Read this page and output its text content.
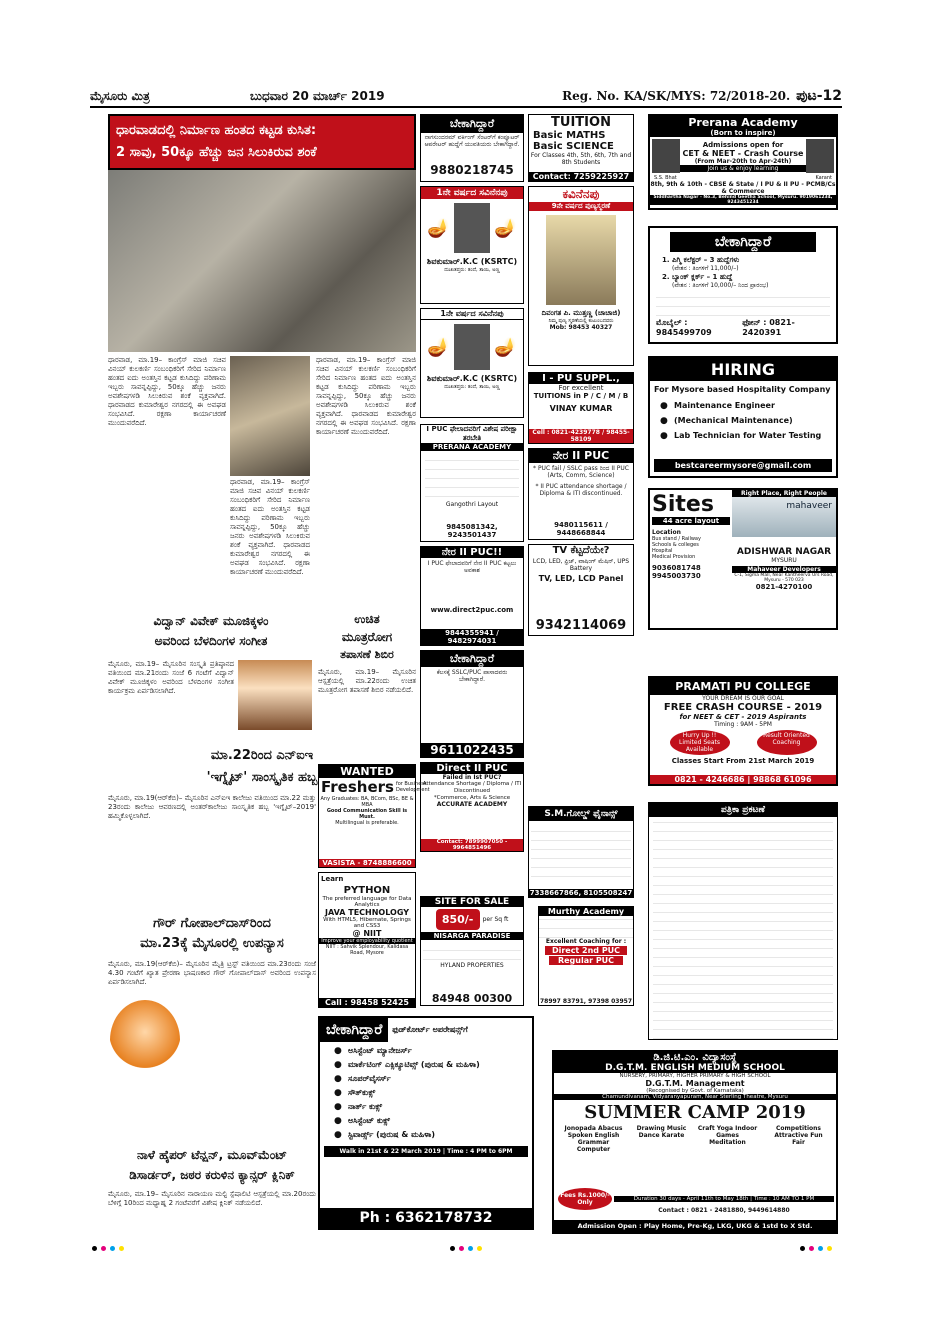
ಮೈಸೂರು ಮಿತ್ರ	ಬುಧವಾರ 20 ಮಾರ್ಚ್ 2019	Reg. No. KA/SK/MYS: 72/2018-20. ಪುಟ-12
ಧಾರವಾಡದಲ್ಲಿ ನಿರ್ಮಾಣ ಹಂತದ ಕಟ್ಟಡ ಕುಸಿತ:
2 ಸಾವು, 50ಕ್ಕೂ ಹೆಚ್ಚು ಜನ ಸಿಲುಕಿರುವ ಶಂಕೆ
ಧಾರವಾಡ, ಮಾ.19– ಕಾಂಗ್ರೆಸ್ ಮಾಜಿ ಸಚಿವ ವಿನಯ್ ಕುಲಕರ್ಣಿ ಸಂಬಂಧಿಕರಿಗೆ ಸೇರಿದ ನಿರ್ಮಾಣ ಹಂತದ ಐದು ಅಂತಸ್ತಿನ ಕಟ್ಟಡ ಕುಸಿದಿದ್ದು ಪರಿಣಾಮ ಇಬ್ಬರು ಸಾವನ್ನಪ್ಪಿದ್ದು, 50ಕ್ಕೂ ಹೆಚ್ಚು ಜನರು ಅವಶೇಷಗಳಡಿ ಸಿಲುಕಿರುವ ಶಂಕೆ ವ್ಯಕ್ತವಾಗಿದೆ. ಧಾರವಾಡದ ಕುಮಾರೇಶ್ವರ ನಗರದಲ್ಲಿ ಈ ಅವಘಡ ಸಂಭವಿಸಿದೆ. ರಕ್ಷಣಾ ಕಾರ್ಯಾಚರಣೆ ಮುಂದುವರೆದಿದೆ.
ಧಾರವಾಡ, ಮಾ.19– ಕಾಂಗ್ರೆಸ್ ಮಾಜಿ ಸಚಿವ ವಿನಯ್ ಕುಲಕರ್ಣಿ ಸಂಬಂಧಿಕರಿಗೆ ಸೇರಿದ ನಿರ್ಮಾಣ ಹಂತದ ಐದು ಅಂತಸ್ತಿನ ಕಟ್ಟಡ ಕುಸಿದಿದ್ದು ಪರಿಣಾಮ ಇಬ್ಬರು ಸಾವನ್ನಪ್ಪಿದ್ದು, 50ಕ್ಕೂ ಹೆಚ್ಚು ಜನರು ಅವಶೇಷಗಳಡಿ ಸಿಲುಕಿರುವ ಶಂಕೆ ವ್ಯಕ್ತವಾಗಿದೆ. ಧಾರವಾಡದ ಕುಮಾರೇಶ್ವರ ನಗರದಲ್ಲಿ ಈ ಅವಘಡ ಸಂಭವಿಸಿದೆ. ರಕ್ಷಣಾ ಕಾರ್ಯಾಚರಣೆ ಮುಂದುವರೆದಿದೆ.
ಧಾರವಾಡ, ಮಾ.19– ಕಾಂಗ್ರೆಸ್ ಮಾಜಿ ಸಚಿವ ವಿನಯ್ ಕುಲಕರ್ಣಿ ಸಂಬಂಧಿಕರಿಗೆ ಸೇರಿದ ನಿರ್ಮಾಣ ಹಂತದ ಐದು ಅಂತಸ್ತಿನ ಕಟ್ಟಡ ಕುಸಿದಿದ್ದು ಪರಿಣಾಮ ಇಬ್ಬರು ಸಾವನ್ನಪ್ಪಿದ್ದು, 50ಕ್ಕೂ ಹೆಚ್ಚು ಜನರು ಅವಶೇಷಗಳಡಿ ಸಿಲುಕಿರುವ ಶಂಕೆ ವ್ಯಕ್ತವಾಗಿದೆ. ಧಾರವಾಡದ ಕುಮಾರೇಶ್ವರ ನಗರದಲ್ಲಿ ಈ ಅವಘಡ ಸಂಭವಿಸಿದೆ. ರಕ್ಷಣಾ ಕಾರ್ಯಾಚರಣೆ ಮುಂದುವರೆದಿದೆ.
ಬೇಕಾಗಿದ್ದಾರೆ
ನಾಗಸುಂದರಮ್ ವರ್ಕಿಂಗ್ ಸೆಂಟರ್‌ಗೆ ಕಂಪ್ಯೂಟರ್ ಆಪರೇಟರ್ ಹುದ್ದೆಗೆ ಯುವತಿಯರು ಬೇಕಾಗಿದ್ದಾರೆ.
9880218745
TUITION
Basic MATHS
Basic SCIENCE
For Classes 4th, 5th, 6th, 7th and 8th Students
Contact: 7259225927
Prerana Academy
(Born to inspire)
Admissions open for
CET & NEET - Crash Course
(From Mar-20th to Apr-24th)
Join us & enjoy learning
S.S. Bhat	Karant
8th, 9th & 10th - CBSE & State / I PU & II PU - PCMB/Cs & Commerce
Siddhartha Nagar - No.3, Behind Geetha School, Mysuru. 9019061234, 9243451234
1ನೇ ವರ್ಷದ ಸವಿನೆನಪು
🪔 🪔
ಶಿವಕುಮಾರ್.K.C (KSRTC)
ದುಃಖತಪ್ತರು: ತಂದೆ, ತಾಯಿ, ಅಣ್ಣ
ಕವಿನೆನಪು
9ನೇ ವರ್ಷದ ಪುಣ್ಯಸ್ಮರಣೆ
ದಿವಂಗತ ಪಿ. ಮುತ್ತಣ್ಣ (ಚಾಚಾಜಿ)
ನಿಮ್ಮ ಪುಣ್ಯ ಸ್ಮರಣೆಯಲ್ಲಿ ಕುಟುಂಬದವರು
Mob: 98453 40327
ಬೇಕಾಗಿದ್ದಾರೆ
1. ಪಿಗ್ಮಿ ಕಲೆಕ್ಟರ್ – 3 ಹುದ್ದೆಗಳು
(ವೇತನ : ತಿಂಗಳಿಗೆ 11,000/–)
2. ಬ್ಯಾಂಕ್ ಕ್ಲರ್ಕ್ – 1 ಹುದ್ದೆ
(ವೇತನ : ತಿಂಗಳಿಗೆ 10,000/– ನಿಂದ ಪ್ರಾರಂಭ)
ಮೊಬೈಲ್ : 9845499709
ಫೋನ್ : 0821-2420391
1ನೇ ವರ್ಷದ ಸವಿನೆನಪು
🪔 🪔
ಶಿವಕುಮಾರ್.K.C (KSRTC)
ದುಃಖತಪ್ತರು: ತಂದೆ, ತಾಯಿ, ಅಣ್ಣ
HIRING
For Mysore based Hospitality Company
● Maintenance Engineer
● (Mechanical Maintenance)
● Lab Technician for Water Testing
bestcareermysore@gmail.com
I - PU SUPPL.,
For excellent
TUITIONS in P / C / M / B
VINAY KUMAR
Cell : 0821-4239778 / 98455-58109
I PUC ಫೇಲಾದವರಿಗೆ ವಿಶೇಷ ಪರೀಕ್ಷಾ ತರಬೇತಿ
PRERANA ACADEMY
Gangothri Layout
9845081342, 9243501437
ನೇರ II PUC
* PUC fail / SSLC pass ರಿಂದ II PUC (Arts, Comm, Science)
* II PUC attendance shortage / Diploma & ITI discontinued.
9480115611 / 9448668844
Sites
44 acre layout
Location
Bus stand / Railway
Schools & colleges
Hospital
Medical Provision
9036081748
9945003730
Right Place, Right People
mahaveer
ADISHWAR NAGAR
MYSURU
Mahaveer Developers
C-1, Sigma Mall, Near Kantheerva Urs Road, Mysuru - 570 023
0821-4270100
ನೇರ II PUC!!
I PUC ಫೇಲಾದವರಿಗೆ ನೇರ II PUC ಕಟ್ಟಲು ಅವಕಾಶ
www.direct2puc.com
9844355941 / 9482974031
TV ಕೆಟ್ಟದೆಯೇ?
LCD, LED, ಫ್ರಿಜ್, ವಾಷಿಂಗ್ ಮೆಷಿನ್, UPS Battery
TV, LED, LCD Panel
9342114069
ವಿದ್ವಾನ್ ವಿವೇಕ್ ಮೂಜಿಕ್ಕಳಂ
ಅವರಿಂದ ಬೆಳದಿಂಗಳ ಸಂಗೀತ
ಮೈಸೂರು, ಮಾ.19– ಮೈಸೂರಿನ ಸಂಸ್ಕೃತಿ ಪ್ರತಿಷ್ಠಾನದ ವತಿಯಿಂದ ಮಾ.21ರಂದು ಸಂಜೆ 6 ಗಂಟೆಗೆ ವಿದ್ವಾನ್ ವಿವೇಕ್ ಮೂಜಿಕ್ಕಳಂ ಅವರಿಂದ ಬೆಳದಿಂಗಳ ಸಂಗೀತ ಕಾರ್ಯಕ್ರಮ ಏರ್ಪಡಿಸಲಾಗಿದೆ.
ಉಚಿತ
ಮೂತ್ರರೋಗ
ತಪಾಸಣೆ ಶಿಬಿರ
ಮೈಸೂರು, ಮಾ.19– ಮೈಸೂರಿನ ಆಸ್ಪತ್ರೆಯಲ್ಲಿ ಮಾ.22ರಂದು ಉಚಿತ ಮೂತ್ರರೋಗ ತಪಾಸಣೆ ಶಿಬಿರ ನಡೆಯಲಿದೆ.
ಬೇಕಾಗಿದ್ದಾರೆ
ಕೆಲಸಕ್ಕೆ SSLC/PUC ಪಾಸಾದವರು ಬೇಕಾಗಿದ್ದಾರೆ.
9611022435
PRAMATI PU COLLEGE
YOUR DREAM IS OUR GOAL
FREE CRASH COURSE - 2019
for NEET & CET - 2019 Aspirants
Timing : 9AM - 5PM
Hurry Up !! Limited Seats Available
Result Oriented Coaching
Classes Start From 21st March 2019
0821 - 4246686 | 98868 61096
ಮಾ.22ರಿಂದ ಎನ್‌ಐಇ
'ಇಗ್ನೈಟ್' ಸಾಂಸ್ಕೃತಿಕ ಹಬ್ಬ
ಮೈಸೂರು, ಮಾ.19(ಆರ್‌ಕೆಬಿ)– ಮೈಸೂರಿನ ಎನ್‌ಐಇ ಕಾಲೇಜು ವತಿಯಿಂದ ಮಾ.22 ಮತ್ತು 23ರಂದು ಕಾಲೇಜು ಆವರಣದಲ್ಲಿ ಅಂತರ್‌ಕಾಲೇಜು ಸಾಂಸ್ಕೃತಿಕ ಹಬ್ಬ 'ಇಗ್ನೈಟ್–2019' ಹಮ್ಮಿಕೊಳ್ಳಲಾಗಿದೆ.
Direct II PUC
Failed in Ist PUC?
Attendance Shortage / Diploma / ITI Discontinued
*Commerce, Arts & Science
ACCURATE ACADEMY
Contact: 7899907050 - 9964851496
WANTED
Freshers for Business Development
Any Graduates: BA, BCom, BSc, BE & MBA
Good Communication Skill is Must.
Multilingual is preferable.
VASISTA - 8748886600
S.M.ಗೋಲ್ಡ್ ಫೈನಾನ್ಸ್
7338667866, 8105508247
ಪತ್ರಿಕಾ ಪ್ರಕಟಣೆ
ಗೌರ್ ಗೋಪಾಲ್‌ದಾಸ್‌ರಿಂದ
ಮಾ.23ಕ್ಕೆ ಮೈಸೂರಲ್ಲಿ ಉಪನ್ಯಾಸ
ಮೈಸೂರು, ಮಾ.19(ಆರ್‌ಕೆಬಿ)– ಮೈಸೂರಿನ ಮೈತ್ರಿ ಟ್ರಸ್ಟ್ ವತಿಯಿಂದ ಮಾ.23ರಂದು ಸಂಜೆ 4.30 ಗಂಟೆಗೆ ಖ್ಯಾತ ಪ್ರೇರಣಾ ಭಾಷಣಕಾರ ಗೌರ್ ಗೋಪಾಲ್‌ದಾಸ್ ಅವರಿಂದ ಉಪನ್ಯಾಸ ಏರ್ಪಡಿಸಲಾಗಿದೆ.
Learn
PYTHON
The preferred language for Data Analytics
JAVA TECHNOLOGY
With HTML5, Hibernate, Springs and CSS3
@ NIIT
Improve your employability quotient
NIIT : Sahvik Splendour, Kalidasa Road, Mysore
Call : 98458 52425
SITE FOR SALE
850/-	per Sq ft
NISARGA PARADISE
HYLAND PROPERTIES
84948 00300
Murthy Academy
Excellent Coaching for :
Direct 2nd PUC
Regular PUC
78997 83791, 97398 03957
ಬೇಕಾಗಿದ್ದಾರೆ	ಫುಡ್‌ಕೋರ್ಟ್ ಅಪರೇಷನ್ಸ್‌ಗೆ
● ಅಸಿಸ್ಟೆಂಟ್ ಮ್ಯಾನೇಜರ್ಸ್
● ಮಾರ್ಕೆಟಿಂಗ್ ಎಕ್ಸಿಕ್ಯೂಟಿವ್ಸ್ (ಪುರುಷ & ಮಹಿಳಾ)
● ಸೂಪರ್‌ವೈಸರ್ಸ್
● ಸೌತ್‌ಕುಕ್ಸ್
● ನಾರ್ತ್ ಕುಕ್ಸ್
● ಅಸಿಸ್ಟೆಂಟ್ ಕುಕ್ಸ್
● ಸ್ಟಿವಾರ್ಡ್ಸ್ (ಪುರುಷ & ಮಹಿಳಾ)
Walk in 21st & 22 March 2019 | Time : 4 PM to 6PM
Ph : 6362178732
ಡಿ.ಜಿ.ಟಿ.ಎಂ. ವಿದ್ಯಾಸಂಸ್ಥೆ
D.G.T.M. ENGLISH MEDIUM SCHOOL
NURSERY, PRIMARY, HIGHER PRIMARY & HIGH SCHOOL
D.G.T.M. Management
(Recognised by Govt. of Karnataka)
Chamundivanam, Vidyaranyapuram, Near Sterling Theatre, Mysuru
SUMMER CAMP 2019
Jonopada Abacus Spoken English Grammar Computer
Drawing Music Dance Karate
Craft Yoga Indoor Games Meditation
Competitions Attractive Fun Fair
Fees Rs.1000/- Only	Duration 30 days - April 11th to May 18th | Time : 10 AM TO 1 PM
Contact : 0821 - 2481880, 9449614880
Admission Open : Play Home, Pre-Kg, LKG, UKG & 1std to X Std.
ನಾಳೆ ಹೈಪರ್ ಟೆನ್ಷನ್, ಮೂವ್‌ಮೆಂಟ್
ಡಿಸಾರ್ಡರ್, ಜಠರ ಕರುಳಿನ ಕ್ಯಾನ್ಸರ್ ಕ್ಲಿನಿಕ್
ಮೈಸೂರು, ಮಾ.19– ಮೈಸೂರಿನ ನಾರಾಯಣ ಮಲ್ಟಿ ಸ್ಪೆಷಾಲಿಟಿ ಆಸ್ಪತ್ರೆಯಲ್ಲಿ ಮಾ.20ರಂದು ಬೆಳಿಗ್ಗೆ 10ರಿಂದ ಮಧ್ಯಾಹ್ನ 2 ಗಂಟೆವರೆಗೆ ವಿಶೇಷ ಕ್ಲಿನಿಕ್ ನಡೆಯಲಿದೆ.
